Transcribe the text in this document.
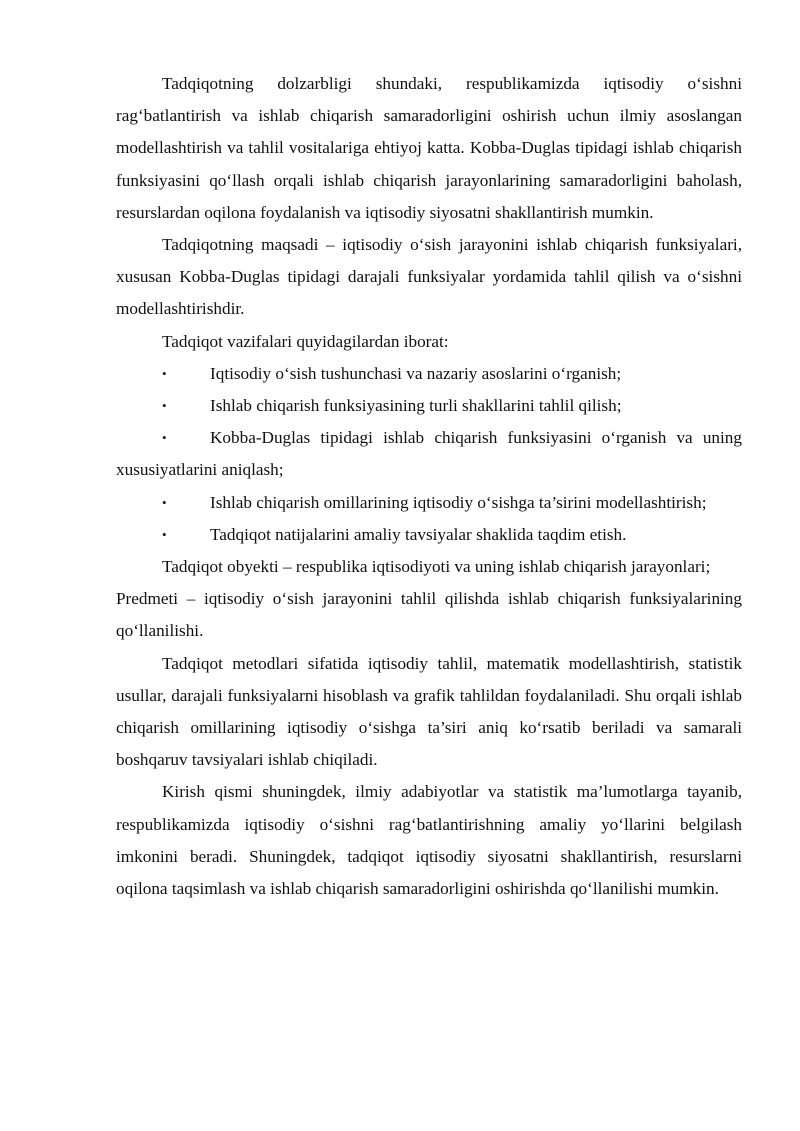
Tadqiqotning dolzarbligi shundaki, respublikamizda iqtisodiy o‘sishni rag‘batlantirish va ishlab chiqarish samaradorligini oshirish uchun ilmiy asoslangan modellashtirish va tahlil vositalariga ehtiyoj katta. Kobba-Duglas tipidagi ishlab chiqarish funksiyasini qo‘llash orqali ishlab chiqarish jarayonlarining samaradorligini baholash, resurslardan oqilona foydalanish va iqtisodiy siyosatni shakllantirish mumkin.

Tadqiqotning maqsadi – iqtisodiy o‘sish jarayonini ishlab chiqarish funksiyalari, xususan Kobba-Duglas tipidagi darajali funksiyalar yordamida tahlil qilish va o‘sishni modellashtirishdir.

Tadqiqot vazifalari quyidagilardan iborat:

•	Iqtisodiy o‘sish tushunchasi va nazariy asoslarini o‘rganish;

•	Ishlab chiqarish funksiyasining turli shakllarini tahlil qilish;

•	Kobba-Duglas tipidagi ishlab chiqarish funksiyasini o‘rganish va uning xususiyatlarini aniqlash;

•	Ishlab chiqarish omillarining iqtisodiy o‘sishga ta’sirini modellashtirish;

•	Tadqiqot natijalarini amaliy tavsiyalar shaklida taqdim etish.

Tadqiqot obyekti – respublika iqtisodiyoti va uning ishlab chiqarish jarayonlari;

Predmeti – iqtisodiy o‘sish jarayonini tahlil qilishda ishlab chiqarish funksiyalarining qo‘llanilishi.

Tadqiqot metodlari sifatida iqtisodiy tahlil, matematik modellashtirish, statistik usullar, darajali funksiyalarni hisoblash va grafik tahlildan foydalaniladi. Shu orqali ishlab chiqarish omillarining iqtisodiy o‘sishga ta’siri aniq ko‘rsatib beriladi va samarali boshqaruv tavsiyalari ishlab chiqiladi.

Kirish qismi shuningdek, ilmiy adabiyotlar va statistik ma’lumotlarga tayanib, respublikamizda iqtisodiy o‘sishni rag‘batlantirishning amaliy yo‘llarini belgilash imkonini beradi. Shuningdek, tadqiqot iqtisodiy siyosatni shakllantirish, resurslarni oqilona taqsimlash va ishlab chiqarish samaradorligini oshirishda qo‘llanilishi mumkin.
